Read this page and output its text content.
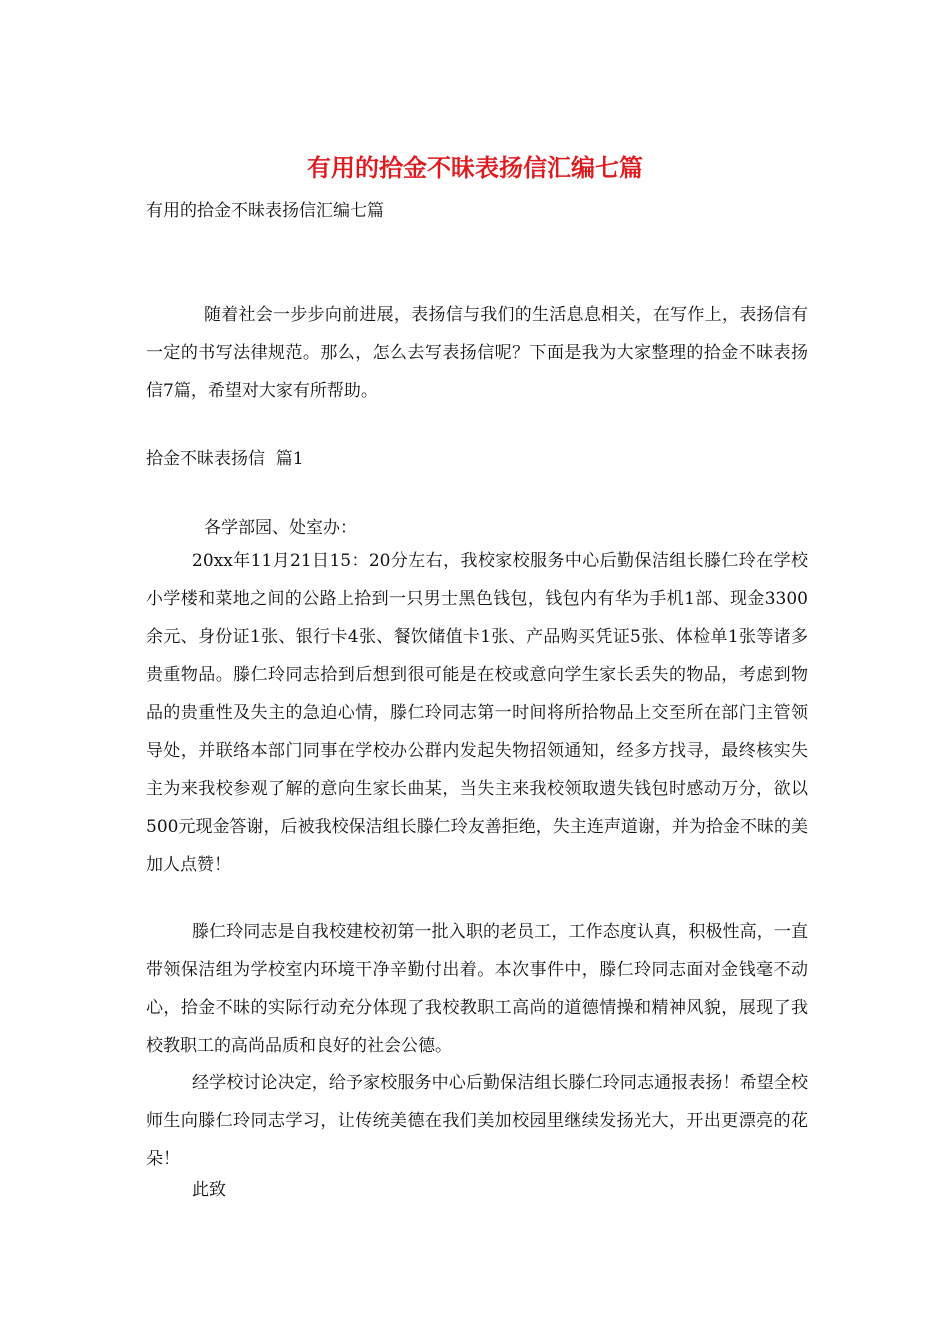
有用的拾金不昧表扬信汇编七篇
有用的拾金不昧表扬信汇编七篇

随着社会一步步向前进展，表扬信与我们的生活息息相关，在写作上，表扬信有一定的书写法律规范。那么，怎么去写表扬信呢？下面是我为大家整理的拾金不昧表扬信7篇，希望对大家有所帮助。

拾金不昧表扬信  篇1

各学部园、处室办：

20xx年11月21日15：20分左右，我校家校服务中心后勤保洁组长滕仁玲在学校小学楼和菜地之间的公路上拾到一只男士黑色钱包，钱包内有华为手机1部、现金3300余元、身份证1张、银行卡4张、餐饮储值卡1张、产品购买凭证5张、体检单1张等诸多贵重物品。滕仁玲同志拾到后想到很可能是在校或意向学生家长丢失的物品，考虑到物品的贵重性及失主的急迫心情，滕仁玲同志第一时间将所拾物品上交至所在部门主管领导处，并联络本部门同事在学校办公群内发起失物招领通知，经多方找寻，最终核实失主为来我校参观了解的意向生家长曲某，当失主来我校领取遗失钱包时感动万分，欲以500元现金答谢，后被我校保洁组长滕仁玲友善拒绝，失主连声道谢，并为拾金不昧的美加人点赞！

滕仁玲同志是自我校建校初第一批入职的老员工，工作态度认真，积极性高，一直带领保洁组为学校室内环境干净辛勤付出着。本次事件中，滕仁玲同志面对金钱毫不动心，拾金不昧的实际行动充分体现了我校教职工高尚的道德情操和精神风貌，展现了我校教职工的高尚品质和良好的社会公德。

经学校讨论决定，给予家校服务中心后勤保洁组长滕仁玲同志通报表扬！希望全校师生向滕仁玲同志学习，让传统美德在我们美加校园里继续发扬光大，开出更漂亮的花朵！

此致
